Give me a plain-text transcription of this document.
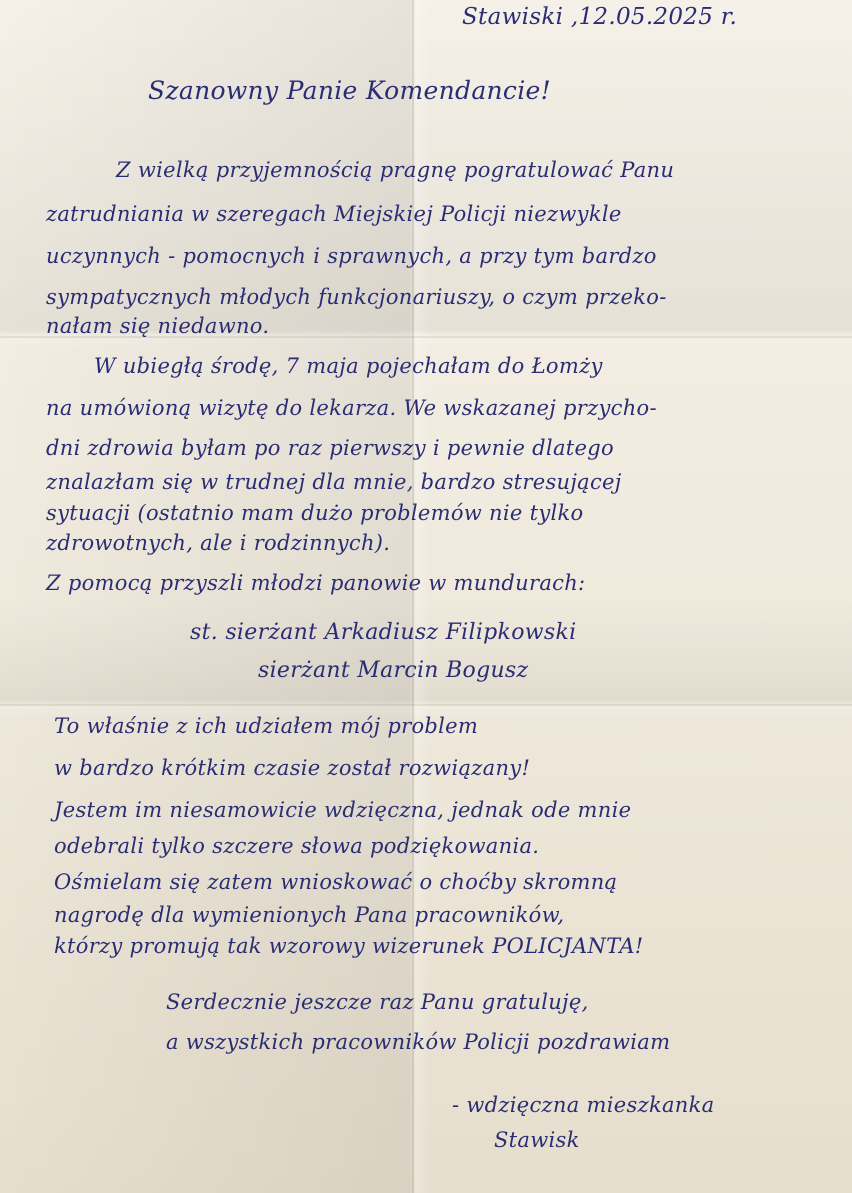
Stawiski ,12.05.2025 r.

Szanowny Panie Komendancie!

Z wielką przyjemnością pragnę pogratulować Panu

zatrudniania w szeregach Miejskiej Policji niezwykle

uczynnych - pomocnych i sprawnych, a przy tym bardzo

sympatycznych młodych funkcjonariuszy, o czym przeko-

nałam się niedawno.

W ubiegłą środę, 7 maja pojechałam do Łomży

na umówioną wizytę do lekarza. We wskazanej przycho-

dni zdrowia byłam po raz pierwszy i pewnie dlatego

znalazłam się w trudnej dla mnie, bardzo stresującej

sytuacji (ostatnio mam dużo problemów nie tylko

zdrowotnych, ale i rodzinnych).

Z pomocą przyszli młodzi panowie w mundurach:

st. sierżant Arkadiusz Filipkowski

sierżant Marcin Bogusz

To właśnie z ich udziałem mój problem

w bardzo krótkim czasie został rozwiązany!

Jestem im niesamowicie wdzięczna, jednak ode mnie

odebrali tylko szczere słowa podziękowania.

Ośmielam się zatem wnioskować o choćby skromną

nagrodę dla wymienionych Pana pracowników,

którzy promują tak wzorowy wizerunek POLICJANTA!

Serdecznie jeszcze raz Panu gratuluję,

a wszystkich pracowników Policji pozdrawiam

- wdzięczna mieszkanka

Stawisk
